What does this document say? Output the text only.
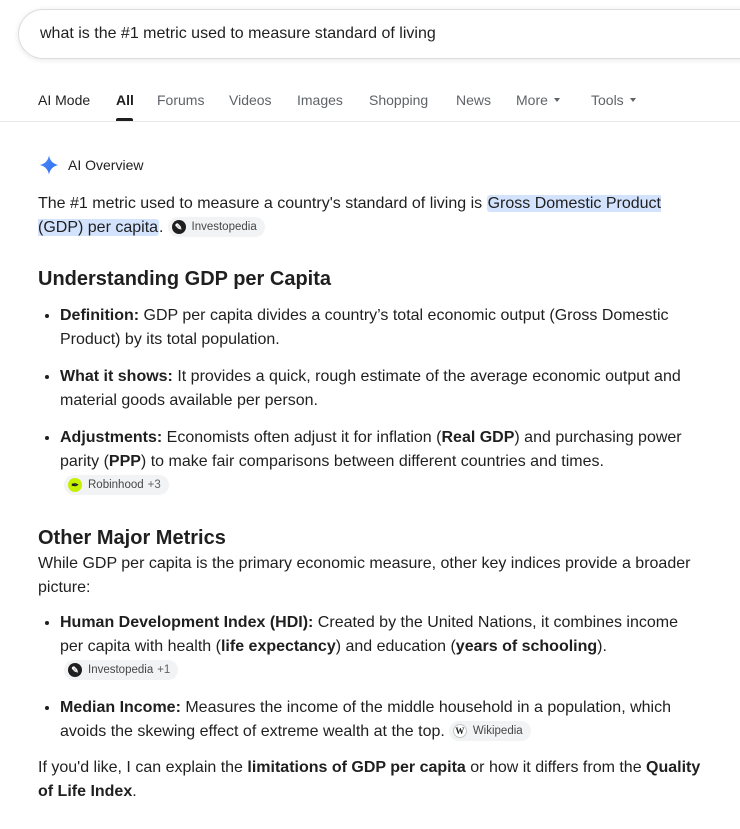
what is the #1 metric used to measure standard of living
AI Mode All Forums Videos Images Shopping News More	Tools
AI Overview

The #1 metric used to measure a country's standard of living is Gross Domestic Product (GDP) per capita.	✎ Investopedia

Understanding GDP per Capita
• Definition: GDP per capita divides a country’s total economic output (Gross Domestic Product) by its total population.
• What it shows: It provides a quick, rough estimate of the average economic output and material goods available per person.
• Adjustments: Economists often adjust it for inflation (Real GDP) and purchasing power parity (PPP) to make fair comparisons between different countries and times.
✒ Robinhood +3
Other Major Metrics

While GDP per capita is the primary economic measure, other key indices provide a broader picture:

• Human Development Index (HDI): Created by the United Nations, it combines income per capita with health (life expectancy) and education (years of schooling).
✎ Investopedia +1
• Median Income: Measures the income of the middle household in a population, which avoids the skewing effect of extreme wealth at the top. W Wikipedia

If you'd like, I can explain the limitations of GDP per capita or how it differs from the Quality of Life Index.
